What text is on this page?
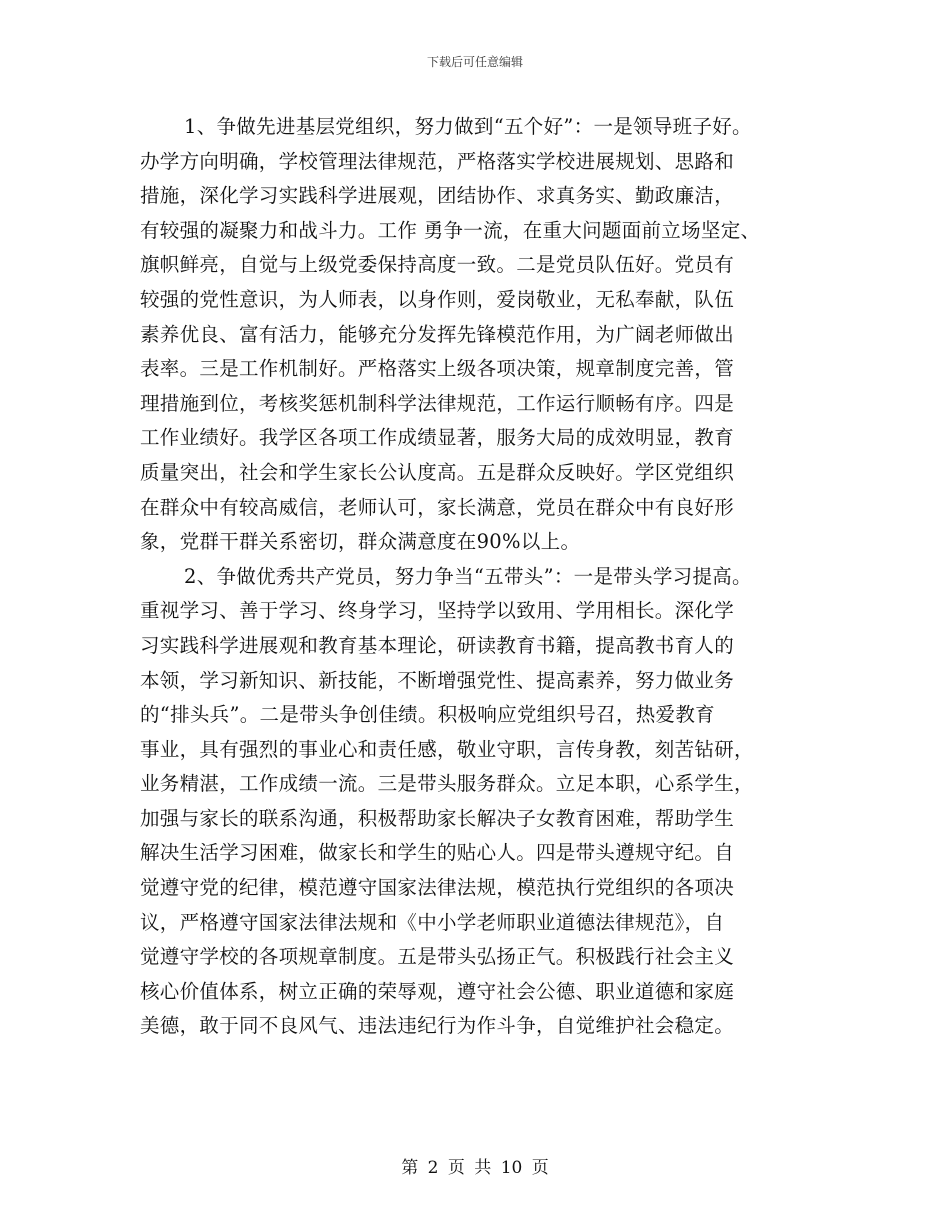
下载后可任意编辑
1、争做先进基层党组织，努力做到“五个好”：一是领导班子好。
办学方向明确，学校管理法律规范，严格落实学校进展规划、思路和
措施，深化学习实践科学进展观，团结协作、求真务实、勤政廉洁，
有较强的凝聚力和战斗力。工作 勇争一流，在重大问题面前立场坚定、
旗帜鲜亮，自觉与上级党委保持高度一致。二是党员队伍好。党员有
较强的党性意识，为人师表，以身作则，爱岗敬业，无私奉献，队伍
素养优良、富有活力，能够充分发挥先锋模范作用，为广阔老师做出
表率。三是工作机制好。严格落实上级各项决策，规章制度完善，管
理措施到位，考核奖惩机制科学法律规范，工作运行顺畅有序。四是
工作业绩好。我学区各项工作成绩显著，服务大局的成效明显，教育
质量突出，社会和学生家长公认度高。五是群众反映好。学区党组织
在群众中有较高威信，老师认可，家长满意，党员在群众中有良好形
象，党群干群关系密切，群众满意度在90%以上。
2、争做优秀共产党员，努力争当“五带头”：一是带头学习提高。
重视学习、善于学习、终身学习，坚持学以致用、学用相长。深化学
习实践科学进展观和教育基本理论，研读教育书籍，提高教书育人的
本领，学习新知识、新技能，不断增强党性、提高素养，努力做业务
的“排头兵”。二是带头争创佳绩。积极响应党组织号召，热爱教育
事业，具有强烈的事业心和责任感，敬业守职，言传身教，刻苦钻研，
业务精湛，工作成绩一流。三是带头服务群众。立足本职，心系学生，
加强与家长的联系沟通，积极帮助家长解决子女教育困难，帮助学生
解决生活学习困难，做家长和学生的贴心人。四是带头遵规守纪。自
觉遵守党的纪律，模范遵守国家法律法规，模范执行党组织的各项决
议，严格遵守国家法律法规和《中小学老师职业道德法律规范》，自
觉遵守学校的各项规章制度。五是带头弘扬正气。积极践行社会主义
核心价值体系，树立正确的荣辱观，遵守社会公德、职业道德和家庭
美德，敢于同不良风气、违法违纪行为作斗争，自觉维护社会稳定。
第 2 页 共 10 页
